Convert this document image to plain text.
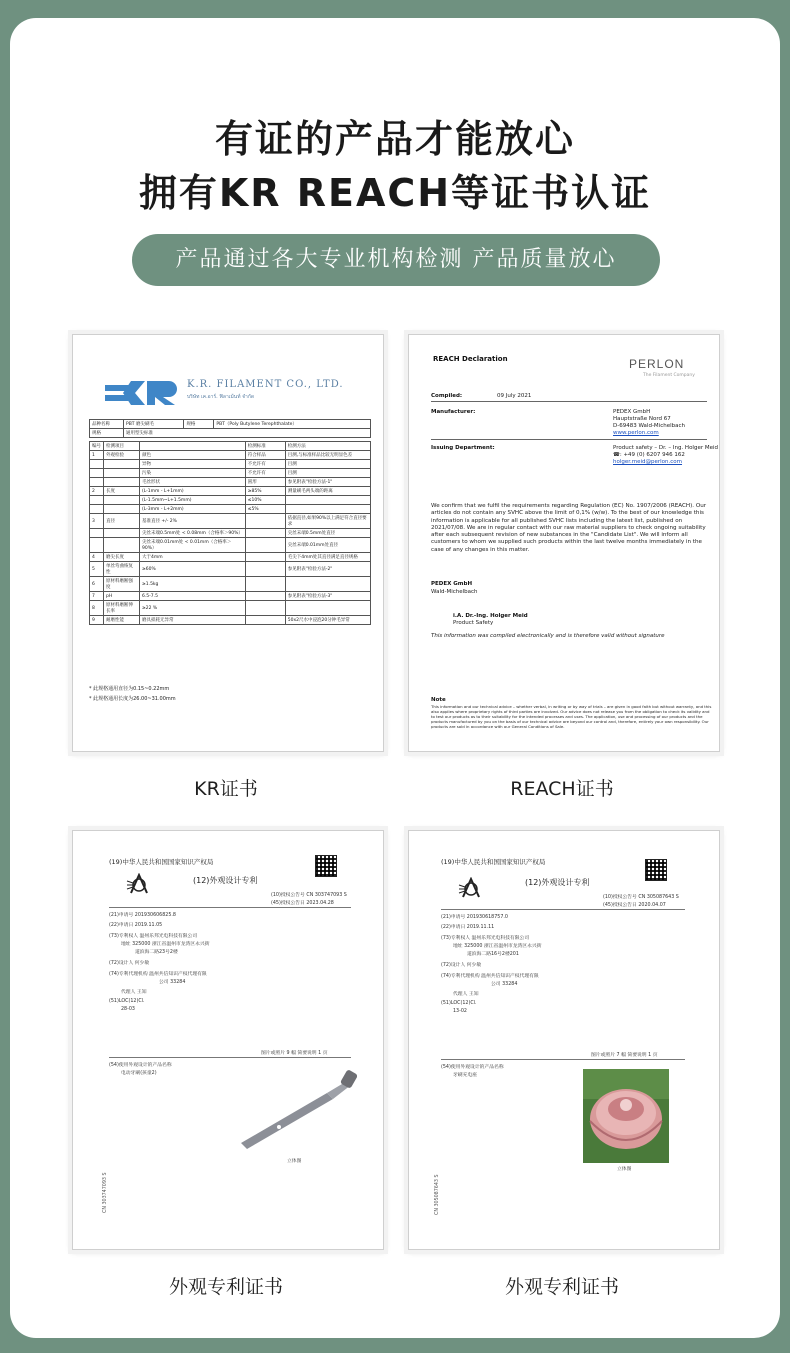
有证的产品才能放心
拥有KR REACH等证书认证
产品通过各大专业机构检测 产品质量放心
K.R. FILAMENT CO., LTD.
บริษัท เค.อาร์. ฟิลาเม้นท์ จำกัด
品种名称	PBT 磨尖刷毛	规格	PBT（Poly Butylene Terephthalate）
规格	通用型尖标准		
编号	检测项目		检测标准	检测方法
1	外观检验	颜色	符合样品	目测,与标准样品比较无明显色差
		异物	不允许有	目测
		污染	不允许有	目测
		毛丝形状	圆形	参见附表"检验方法-1"
2	长度	(L-1mm - L+1mm)	≥85%	测量刷毛两头端的距离
		(L-1.5mm~L+1.5mm)	≤10%	
		(L-3mm - L+2mm)	≤5%	
3	直径	基准直径 +/- 2%		依据直径,如果90%以上满足符合直径要求
		尖丝末端0.5mm处 < 0.08mm（合格率＞90%）		尖丝末端0.5mm处直径
		尖丝末端0.01mm处 < 0.01mm（合格率＞90%）		尖丝末端0.01mm处直径
4	磨尖长度	大于4mm		毛尖下4mm处其直径满足直径规格
5	单丝弯曲恢复性	≥60%		参见附表"检验方法-2"
6	原材料磨断强度	≥1.5kg		
7	pH	6.5-7.5		参见附表"检验方法-3"
8	原材料磨断伸长率	≥22 %		
9	耐磨性能	磨具损耗无异常		50x2尺水中浸泡20分钟毛异常
* 此规格通用直径为0.15~0.22mm
* 此规格通用长度为26.00~31.00mm
KR证书
REACH Declaration	PERLON
The Filament Company
Compiled:	09 July 2021
Manufacturer:	PEDEX GmbH
Hauptstraße Nord 67
D-69483 Wald-Michelbach
www.perlon.com
Issuing Department:	Product safety – Dr. – Ing. Holger Meid
☎: +49 (0) 6207 946 162
holger.meid@perlon.com
We confirm that we fulfil the requirements regarding Regulation (EC) No. 1907/2006 (REACH). Our articles do not contain any SVHC above the limit of 0,1% (w/w). To the best of our knowledge this information is applicable for all published SVHC lists including the latest list, published on 2021/07/08. We are in regular contact with our raw material suppliers to check ongoing suitability after each subsequent revision of new substances in the "Candidate List". We will inform all customers to whom we supplied such products within the last twelve months immediately in the case of any changes in this matter.
PEDEX GmbH
Wald-Michelbach
i.A. Dr.-Ing. Holger Meid
Product Safety
This information was compiled electronically and is therefore valid without signature
Note
This information and our technical advice – whether verbal, in writing or by way of trials – are given in good faith but without warranty, and this also applies where proprietary rights of third parties are involved. Our advice does not release you from the obligation to check its validity and to test our products as to their suitability for the intended processes and uses. The application, use and processing of our products and the products manufactured by you on the basis of our technical advice are beyond our control and, therefore, entirely your own responsibility. Our products are sold in accordance with our General Conditions of Sale.
REACH证书
(19)中华人民共和国国家知识产权局
(12)外观设计专利
(10)授权公告号 CN 303747093 S
(45)授权公告日 2023.04.28
(21)申请号 201930606825.8
(22)申请日 2019.11.05
(73)专利权人 温州乐邦光电科技有限公司
地址 325000 浙江省温州市龙湾区永兴街
道滨海二路23号2楼
(72)设计人 何少敏
(74)专利代理机构 温州共信知识产权代理有限
公司 33284
代理人 王知
(51)LOC(12)Cl.
28-03
图片或照片 9 幅 简要说明 1 页
(54)使用外观设计的产品名称
电动牙刷(孩童2)
立体图
CN 303747093 S
外观专利证书
(19)中华人民共和国国家知识产权局
(12)外观设计专利
(10)授权公告号 CN 305087643 S
(45)授权公告日 2020.04.07
(21)申请号 201930618757.0
(22)申请日 2019.11.11
(73)专利权人 温州乐邦光电科技有限公司
地址 325000 浙江省温州市龙湾区永兴街
道滨海二路16号2楼201
(72)设计人 何少敏
(74)专利代理机构 温州共信知识产权代理有限
公司 33284
代理人 王知
(51)LOC(12)Cl.
13-02
图片或照片 7 幅 简要说明 1 页
(54)使用外观设计的产品名称
牙刷充电座
立体图
CN 305087643 S
外观专利证书
